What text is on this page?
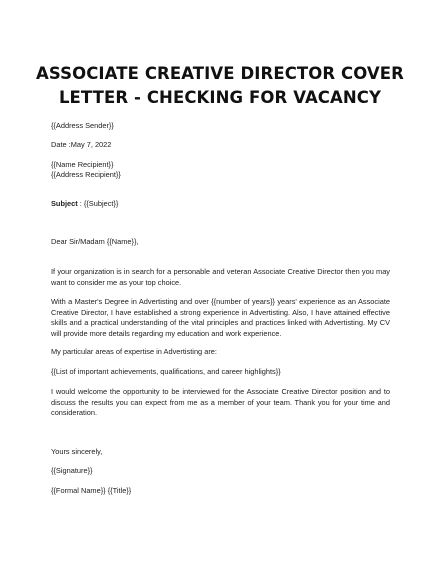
ASSOCIATE CREATIVE DIRECTOR COVER LETTER - CHECKING FOR VACANCY
{{Address Sender}}
Date :May 7, 2022
{{Name Recipient}}
{{Address Recipient}}
Subject : {{Subject}}
Dear Sir/Madam {{Name}},
If your organization is in search for a personable and veteran Associate Creative Director then you may want to consider me as your top choice.
With a Master's Degree in Advertisting and over {{number of years}} years' experience as an Associate Creative Director, I have established a strong experience in Advertisting. Also, I have attained effective skills and a practical understanding of the vital principles and practices linked with Advertisting. My CV will provide more details regarding my education and work experience.
My particular areas of expertise in Advertisting are:
{{List of important achievements, qualifications, and career highlights}}
I would welcome the opportunity to be interviewed for the Associate Creative Director position and to discuss the results you can expect from me as a member of your team. Thank you for your time and consideration.
Yours sincerely,
{{Signature}}
{{Formal Name}} {{Title}}
